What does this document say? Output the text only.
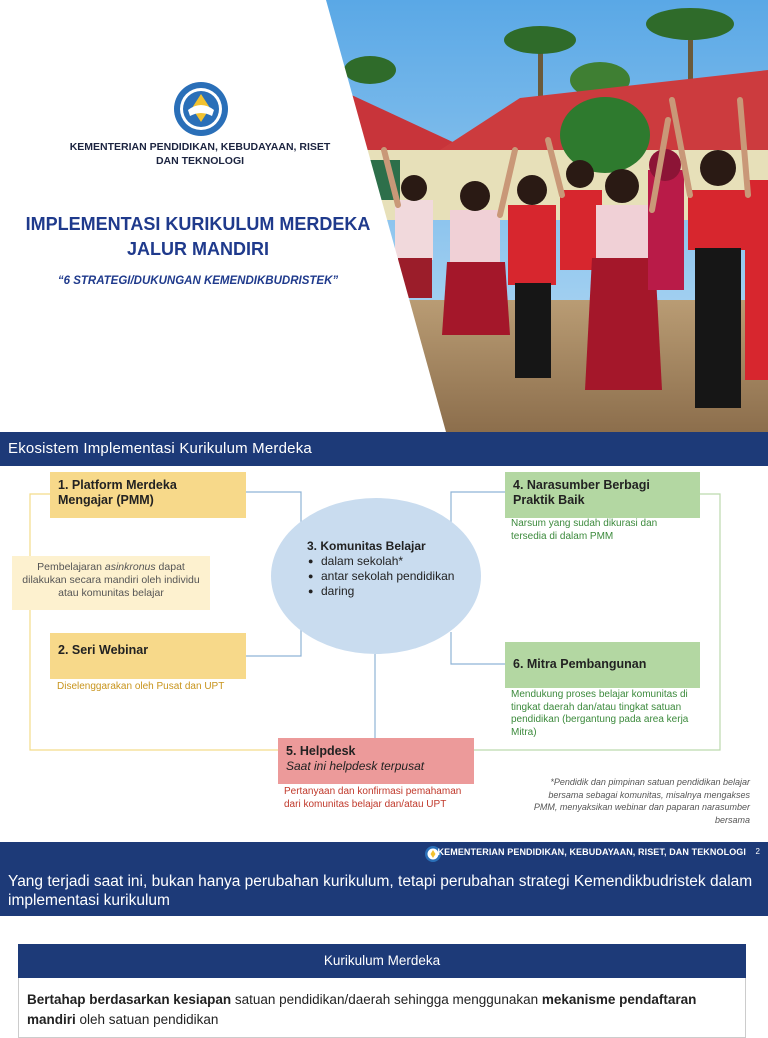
KEMENTERIAN PENDIDIKAN, KEBUDAYAAN, RISET
DAN TEKNOLOGI
IMPLEMENTASI KURIKULUM MERDEKA
JALUR MANDIRI
“6 STRATEGI/DUKUNGAN KEMENDIKBUDRISTEK”
Ekosistem Implementasi Kurikulum Merdeka
1. Platform Merdeka
Mengajar (PMM)
Pembelajaran asinkronus dapat dilakukan secara mandiri oleh individu atau komunitas belajar
2. Seri Webinar
Diselenggarakan oleh Pusat dan UPT
3. Komunitas Belajar
● dalam sekolah*
● antar sekolah pendidikan
● daring
4. Narasumber Berbagi
Praktik Baik
Narsum yang sudah dikurasi dan tersedia di dalam PMM
6. Mitra Pembangunan
Mendukung proses belajar komunitas di tingkat daerah dan/atau tingkat satuan pendidikan (bergantung pada area kerja Mitra)
5. Helpdesk
Saat ini helpdesk terpusat
Pertanyaan dan konfirmasi pemahaman dari komunitas belajar dan/atau UPT
*Pendidik dan pimpinan satuan pendidikan belajar bersama sebagai komunitas, misalnya mengakses PMM, menyaksikan webinar dan paparan narasumber bersama
KEMENTERIAN PENDIDIKAN, KEBUDAYAAN, RISET, DAN TEKNOLOGI 2
Yang terjadi saat ini, bukan hanya perubahan kurikulum, tetapi perubahan strategi Kemendikbudristek dalam implementasi kurikulum
Kurikulum Merdeka
Bertahap berdasarkan kesiapan satuan pendidikan/daerah sehingga menggunakan mekanisme pendaftaran mandiri oleh satuan pendidikan
